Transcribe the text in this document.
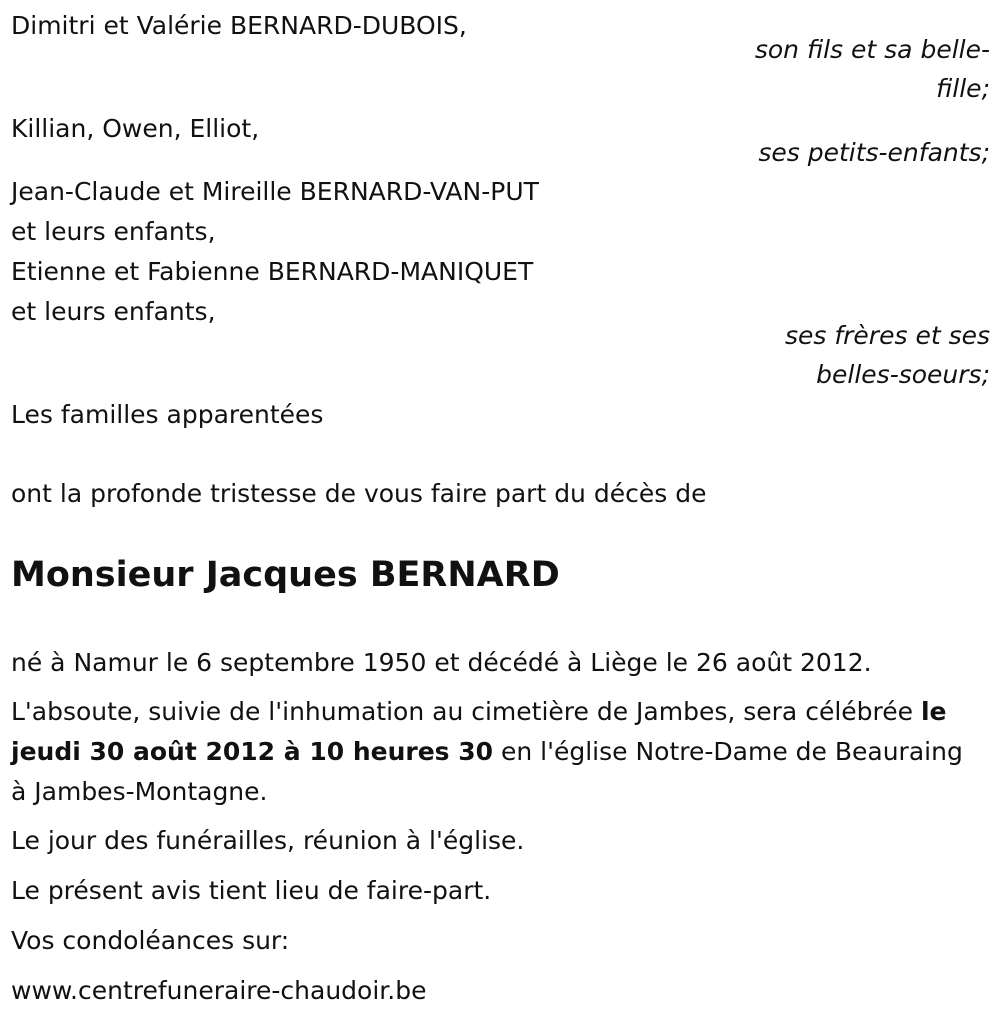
Dimitri et Valérie BERNARD-DUBOIS,
son fils et sa belle-
fille;
Killian, Owen, Elliot,
ses petits-enfants;
Jean-Claude et Mireille BERNARD-VAN-PUT
et leurs enfants,
Etienne et Fabienne BERNARD-MANIQUET
et leurs enfants,
ses frères et ses
belles-soeurs;
Les familles apparentées
ont la profonde tristesse de vous faire part du décès de
Monsieur Jacques BERNARD
né à Namur le 6 septembre 1950 et décédé à Liège le 26 août 2012.
L'absoute, suivie de l'inhumation au cimetière de Jambes, sera célébrée le jeudi 30 août 2012 à 10 heures 30 en l'église Notre-Dame de Beauraing à Jambes-Montagne.
Le jour des funérailles, réunion à l'église.
Le présent avis tient lieu de faire-part.
Vos condoléances sur:
www.centrefuneraire-chaudoir.be
